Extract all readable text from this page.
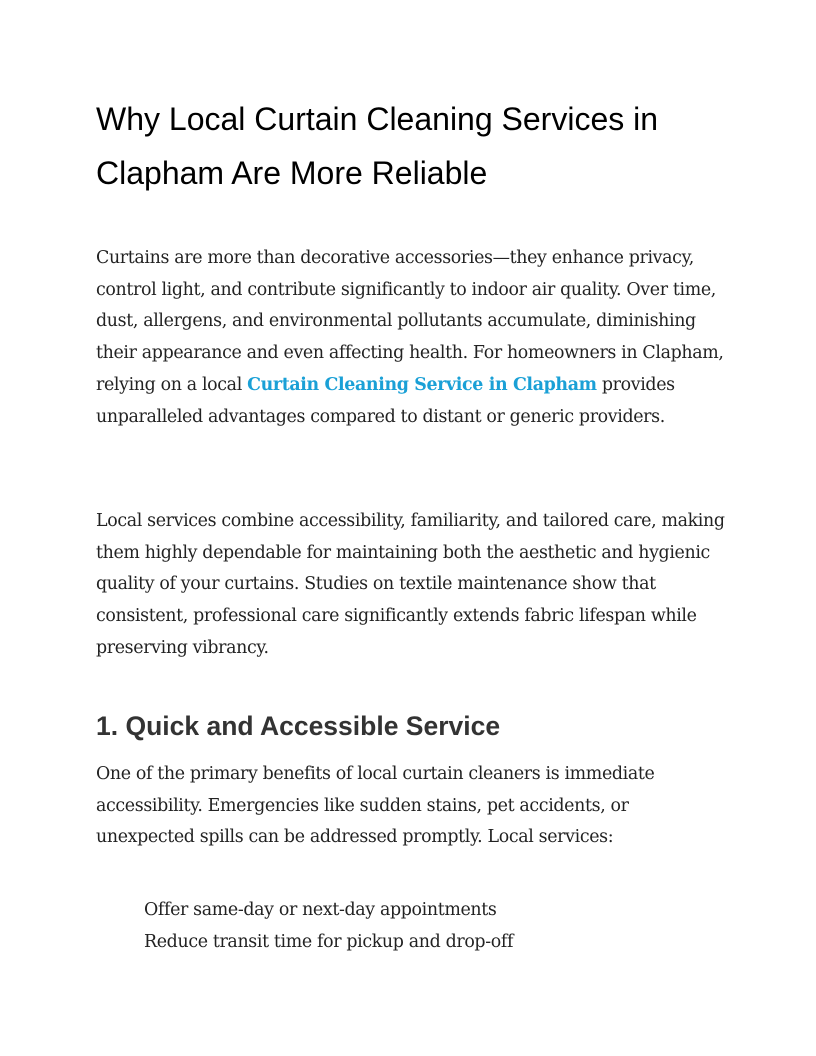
Why Local Curtain Cleaning Services in Clapham Are More Reliable

Curtains are more than decorative accessories—they enhance privacy, control light, and contribute significantly to indoor air quality. Over time, dust, allergens, and environmental pollutants accumulate, diminishing their appearance and even affecting health. For homeowners in Clapham, relying on a local Curtain Cleaning Service in Clapham provides unparalleled advantages compared to distant or generic providers.

Local services combine accessibility, familiarity, and tailored care, making them highly dependable for maintaining both the aesthetic and hygienic quality of your curtains. Studies on textile maintenance show that consistent, professional care significantly extends fabric lifespan while preserving vibrancy.

1. Quick and Accessible Service

One of the primary benefits of local curtain cleaners is immediate accessibility. Emergencies like sudden stains, pet accidents, or unexpected spills can be addressed promptly. Local services:

Offer same-day or next-day appointments
Reduce transit time for pickup and drop-off
